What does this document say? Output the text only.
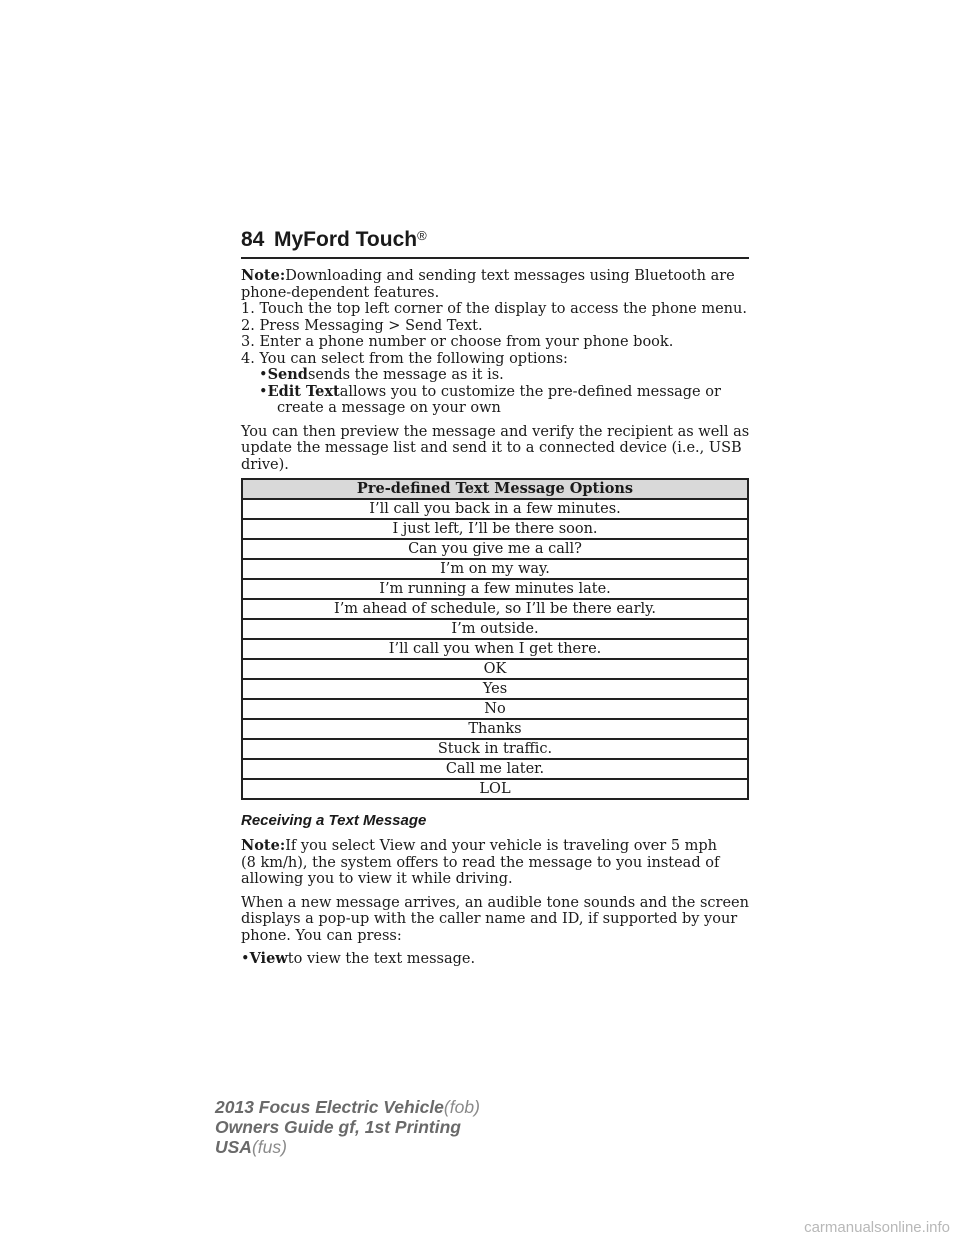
84 MyFord Touch®
Note:Downloading and sending text messages using Bluetooth are
phone-dependent features.
1. Touch the top left corner of the display to access the phone menu.
2. Press Messaging > Send Text.
3. Enter a phone number or choose from your phone book.
4. You can select from the following options:
•Sendsends the message as it is.
•Edit Textallows you to customize the pre-defined message or
create a message on your own
You can then preview the message and verify the recipient as well as
update the message list and send it to a connected device (i.e., USB
drive).
Pre-defined Text Message Options
I’ll call you back in a few minutes.
I just left, I’ll be there soon.
Can you give me a call?
I’m on my way.
I’m running a few minutes late.
I’m ahead of schedule, so I’ll be there early.
I’m outside.
I’ll call you when I get there.
OK
Yes
No
Thanks
Stuck in traffic.
Call me later.
LOL
Receiving a Text Message
Note:If you select View and your vehicle is traveling over 5 mph
(8 km/h), the system offers to read the message to you instead of
allowing you to view it while driving.
When a new message arrives, an audible tone sounds and the screen
displays a pop-up with the caller name and ID, if supported by your
phone. You can press:
•Viewto view the text message.
2013 Focus Electric Vehicle(fob)
Owners Guide gf, 1st Printing
USA(fus)
carmanualsonline.info
